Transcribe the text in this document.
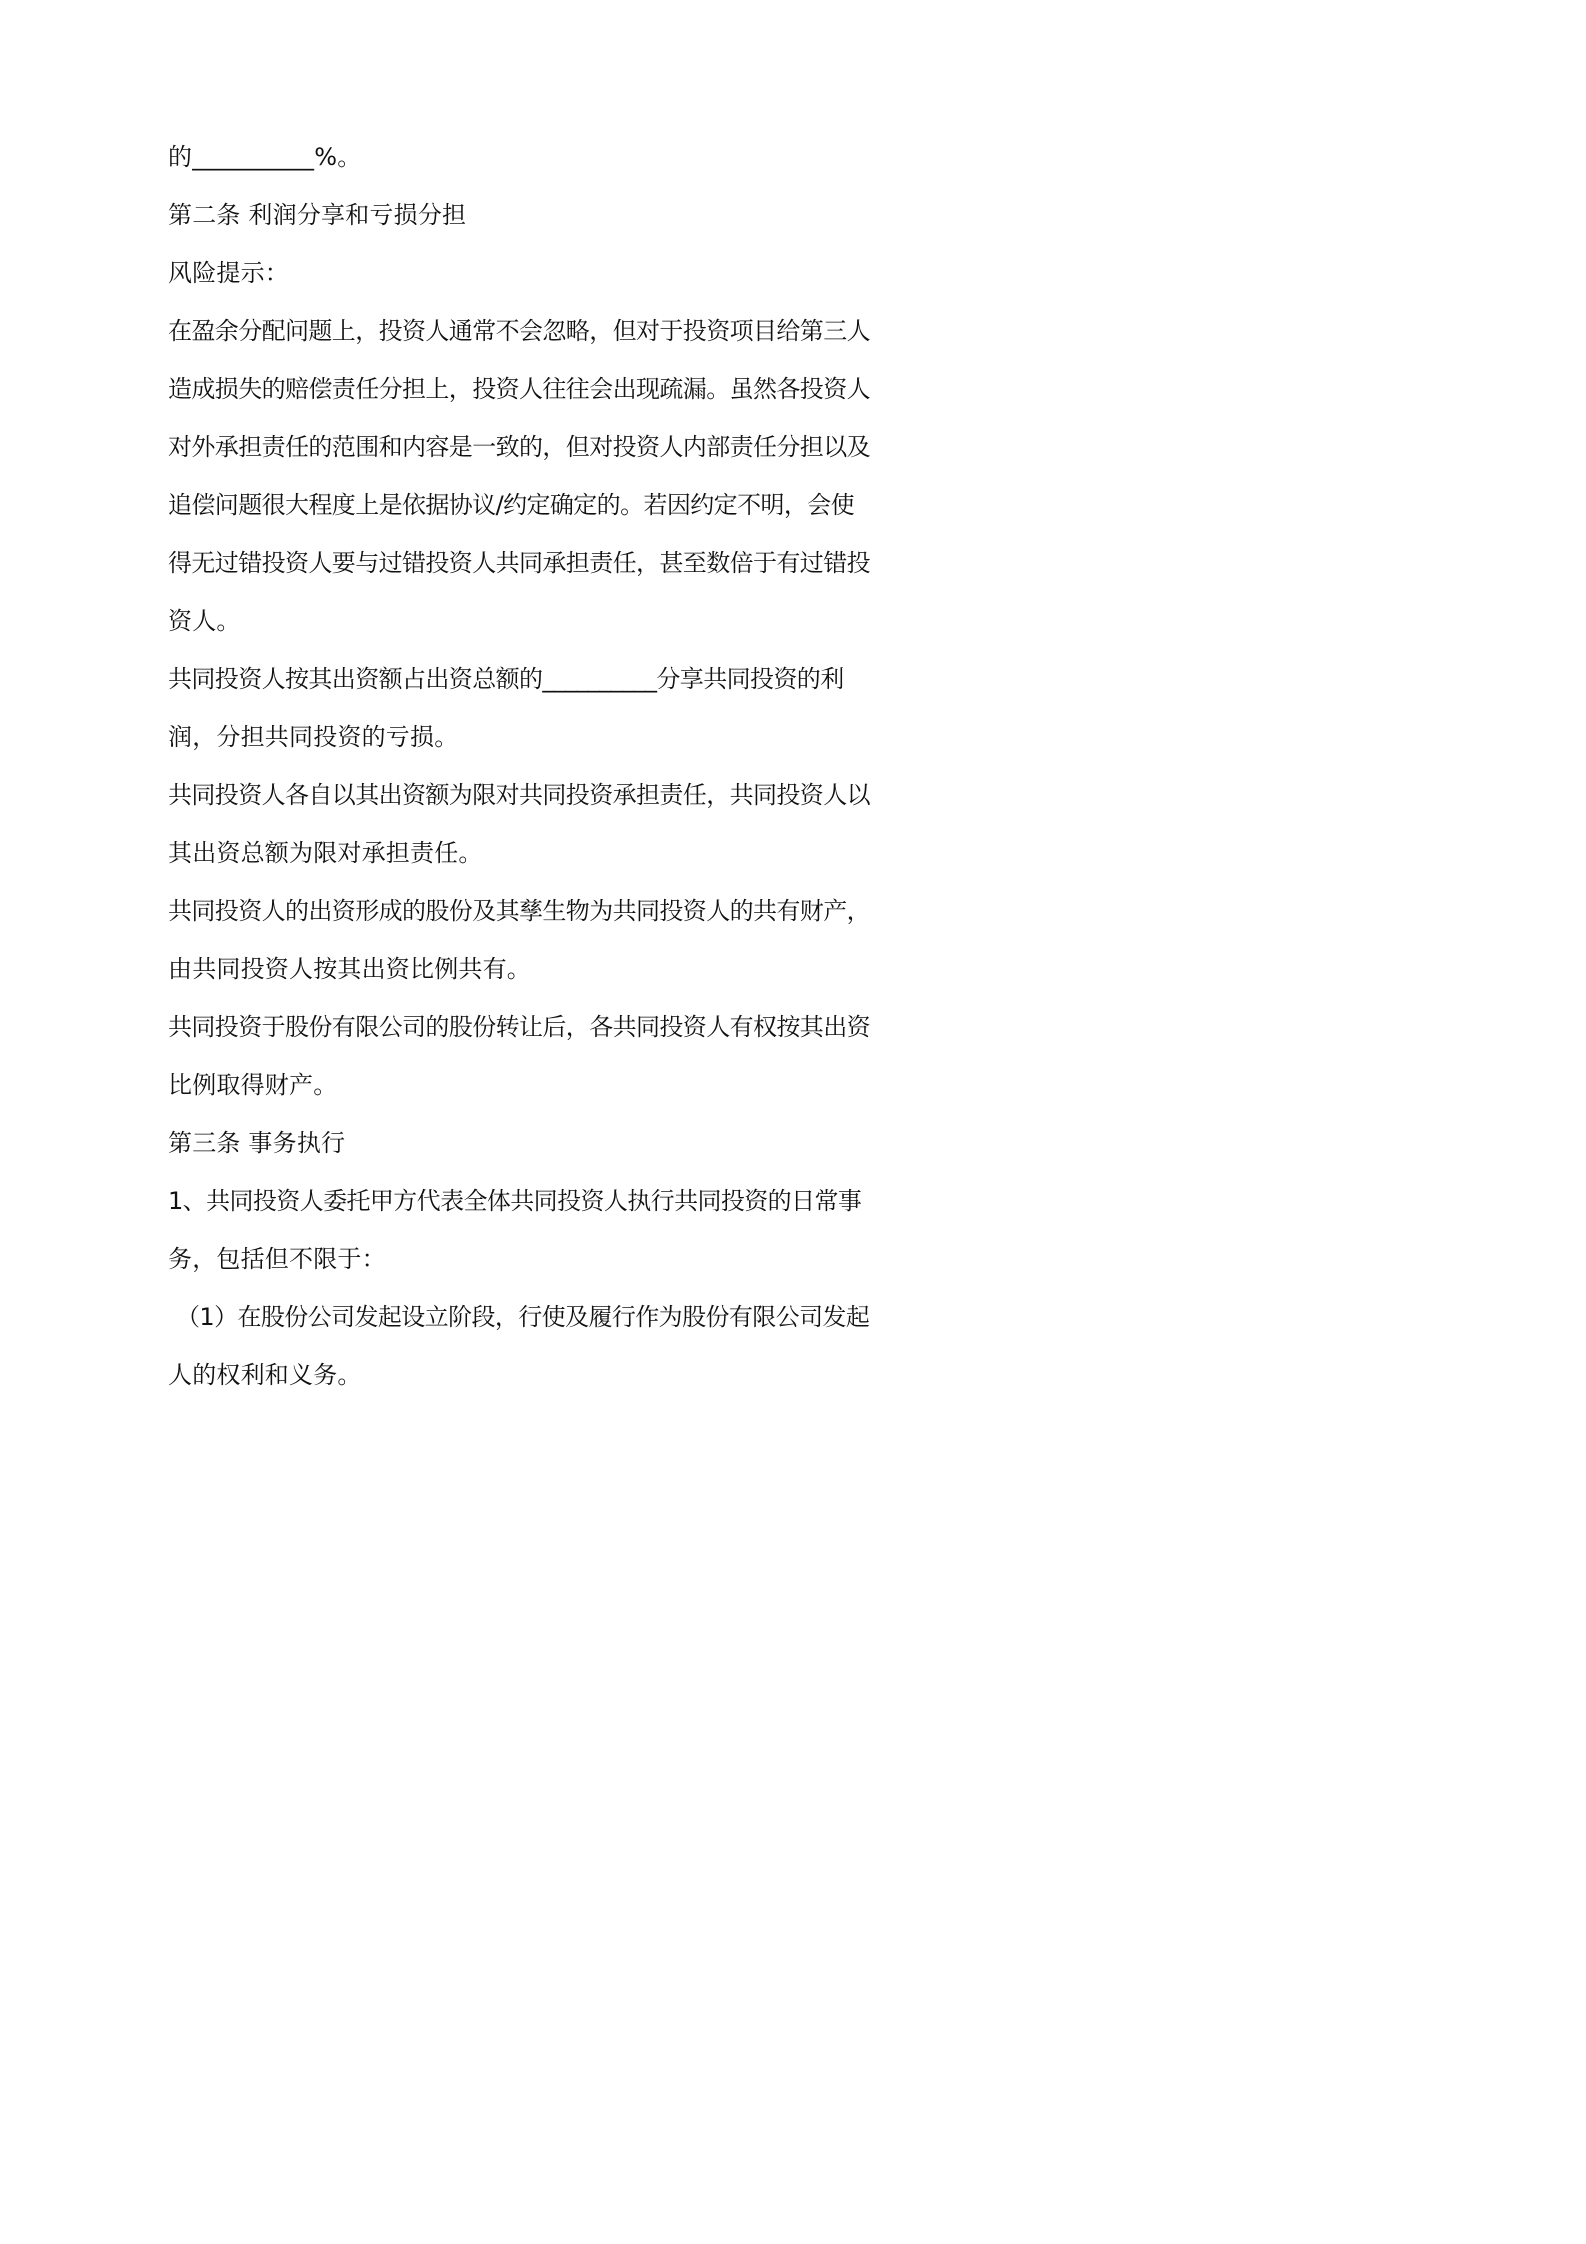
的__________%。
第二条 利润分享和亏损分担
风险提示：
在盈余分配问题上，投资人通常不会忽略，但对于投资项目给第三人
造成损失的赔偿责任分担上，投资人往往会出现疏漏。虽然各投资人
对外承担责任的范围和内容是一致的，但对投资人内部责任分担以及
追偿问题很大程度上是依据协议/约定确定的。若因约定不明，会使
得无过错投资人要与过错投资人共同承担责任，甚至数倍于有过错投
资人。
共同投资人按其出资额占出资总额的__________分享共同投资的利
润，分担共同投资的亏损。
共同投资人各自以其出资额为限对共同投资承担责任，共同投资人以
其出资总额为限对承担责任。
共同投资人的出资形成的股份及其孳生物为共同投资人的共有财产，
由共同投资人按其出资比例共有。
共同投资于股份有限公司的股份转让后，各共同投资人有权按其出资
比例取得财产。
第三条 事务执行
1、共同投资人委托甲方代表全体共同投资人执行共同投资的日常事
务，包括但不限于：
（1）在股份公司发起设立阶段，行使及履行作为股份有限公司发起
人的权利和义务。
